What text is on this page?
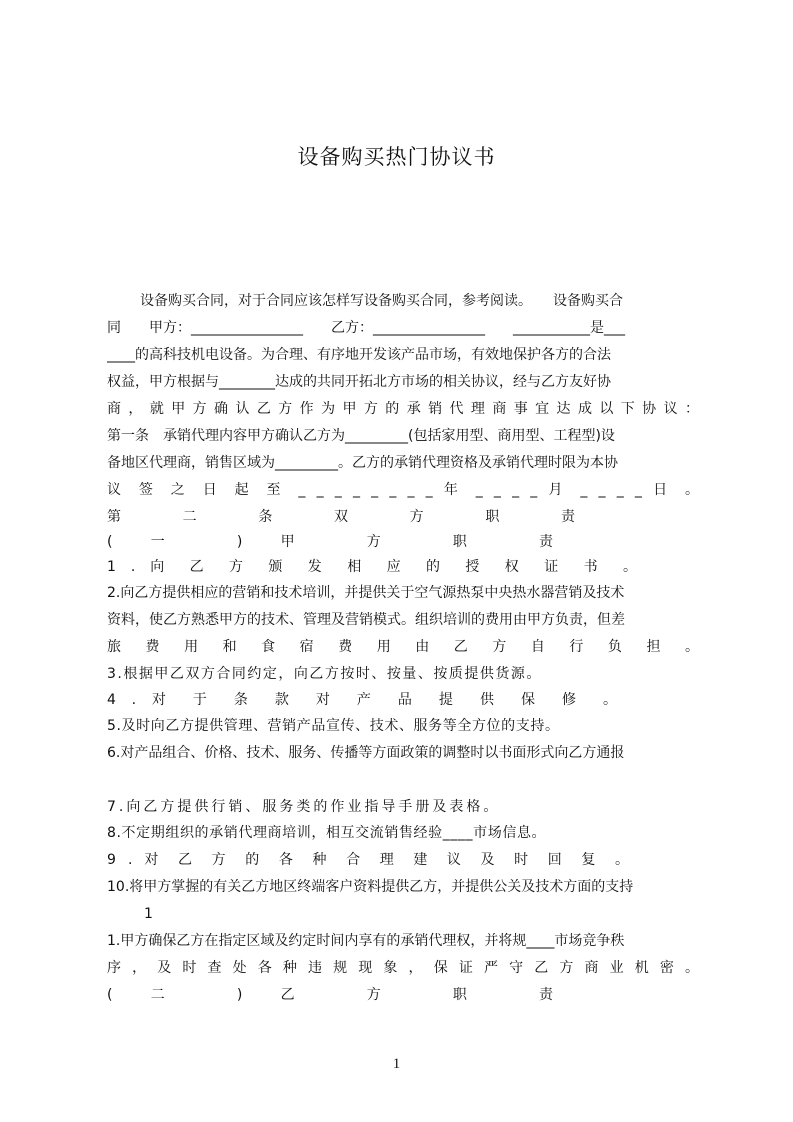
设备购买热门协议书
设备购买合同，对于合同应该怎样写设备购买合同，参考阅读。　　设备购买合
同　　甲方：________________　　乙方：________________　　___________是___
____的高科技机电设备。为合理、有序地开发该产品市场，有效地保护各方的合法
权益，甲方根据与________达成的共同开拓北方市场的相关协议，经与乙方友好协
商 ， 就 甲 方 确 认 乙 方 作 为 甲 方 的 承 销 代 理 商 事 宜 达 成 以 下 协 议 ：
第一条　承销代理内容甲方确认乙方为_________(包括家用型、商用型、工程型)设
备地区代理商，销售区域为_________。乙方的承销代理资格及承销代理时限为本协
议 签 之 日 起 至 _ _ _ _ _ _ _ _ 年 _ _ _ _ 月 _ _ _ _ 日 。
第 二 条 双 方 职 责
( 一 ) 甲 方 职 责
1 . 向 乙 方 颁 发 相 应 的 授 权 证 书 。
2.向乙方提供相应的营销和技术培训，并提供关于空气源热泵中央热水器营销及技术
资料，使乙方熟悉甲方的技术、管理及营销模式。组织培训的费用由甲方负责，但差
旅 费 用 和 食 宿 费 用 由 乙 方 自 行 负 担 。
3.根据甲乙双方合同约定，向乙方按时、按量、按质提供货源。
4 . 对 于 条 款 对 产 品 提 供 保 修 。
5.及时向乙方提供管理、营销产品宣传、技术、服务等全方位的支持。
6.对产品组合、价格、技术、服务、传播等方面政策的调整时以书面形式向乙方通报
7.向乙方提供行销、服务类的作业指导手册及表格。
8.不定期组织的承销代理商培训，相互交流销售经验____市场信息。
9 . 对 乙 方 的 各 种 合 理 建 议 及 时 回 复 。
10.将甲方掌握的有关乙方地区终端客户资料提供乙方，并提供公关及技术方面的支持
1
1.甲方确保乙方在指定区域及约定时间内享有的承销代理权，并将规____市场竞争秩
序 ， 及 时 查 处 各 种 违 规 现 象 ， 保 证 严 守 乙 方 商 业 机 密 。
( 二 ) 乙 方 职 责
1
